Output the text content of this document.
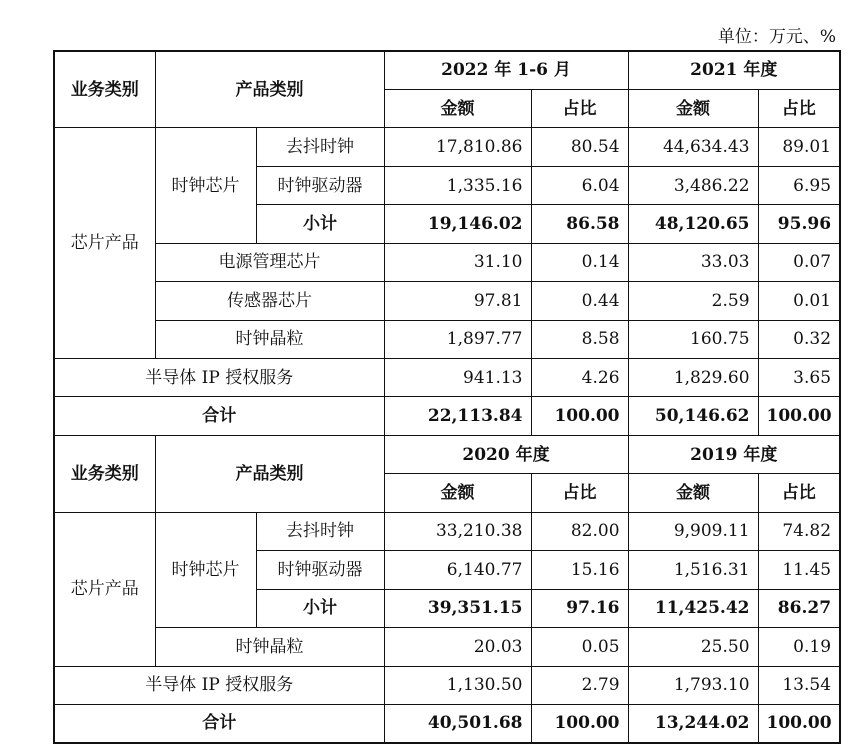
单位：万元、%
业务类别	产品类别		2022 年 1-6 月		2021 年度	
			金额	占比	金额	占比
芯片产品	时钟芯片	去抖时钟	17,810.86	80.54	44,634.43	89.01
		时钟驱动器	1,335.16	6.04	3,486.22	6.95
		小计	19,146.02	86.58	48,120.65	95.96
	电源管理芯片		31.10	0.14	33.03	0.07
	传感器芯片		97.81	0.44	2.59	0.01
	时钟晶粒		1,897.77	8.58	160.75	0.32
半导体 IP 授权服务			941.13	4.26	1,829.60	3.65
合计			22,113.84	100.00	50,146.62	100.00
业务类别	产品类别		2020 年度		2019 年度	
			金额	占比	金额	占比
芯片产品	时钟芯片	去抖时钟	33,210.38	82.00	9,909.11	74.82
		时钟驱动器	6,140.77	15.16	1,516.31	11.45
		小计	39,351.15	97.16	11,425.42	86.27
	时钟晶粒		20.03	0.05	25.50	0.19
半导体 IP 授权服务			1,130.50	2.79	1,793.10	13.54
合计			40,501.68	100.00	13,244.02	100.00
